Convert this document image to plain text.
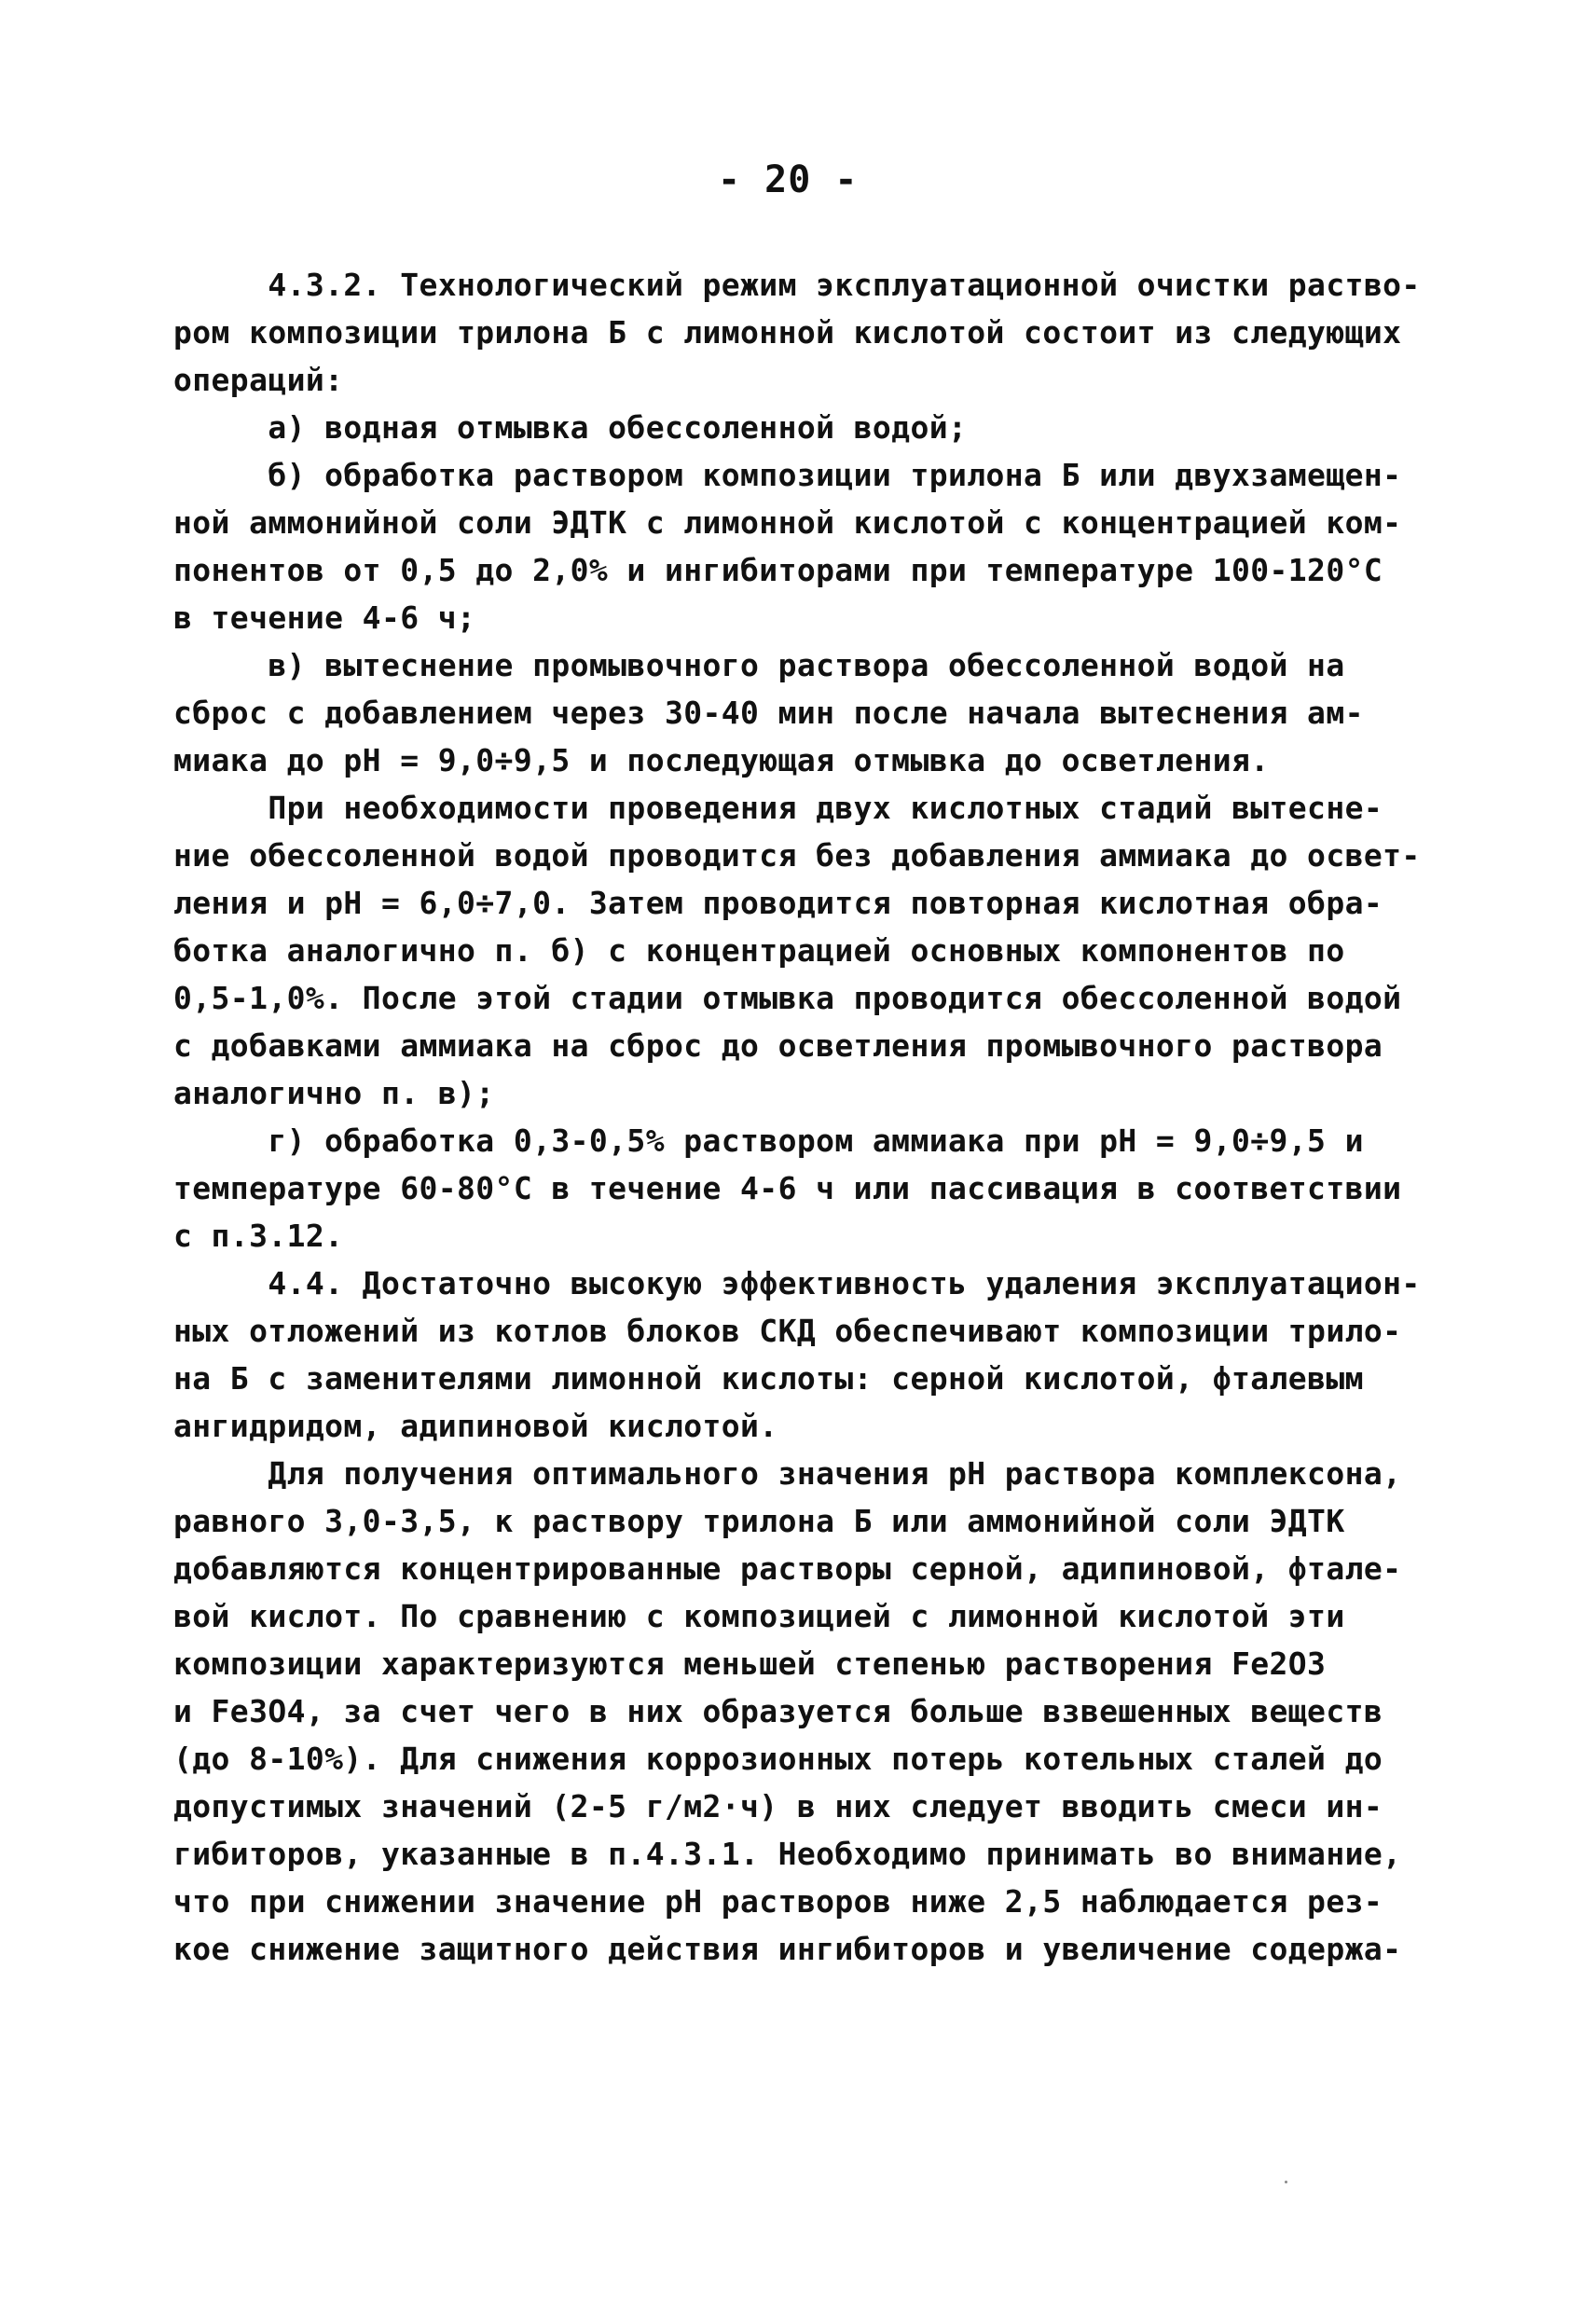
- 20 -
4.3.2. Технологический режим эксплуатационной очистки раство-
ром композиции трилона Б с лимонной кислотой состоит из следующих
операций:
а) водная отмывка обессоленной водой;
б) обработка раствором композиции трилона Б или двухзамещен-
ной аммонийной соли ЭДТК с лимонной кислотой с концентрацией ком-
понентов от 0,5 до 2,0% и ингибиторами при температуре 100-120°С
в течение 4-6 ч;
в) вытеснение промывочного раствора обессоленной водой на
сброс с добавлением через 30-40 мин после начала вытеснения ам-
миака до pH = 9,0÷9,5 и последующая отмывка до осветления.
При необходимости проведения двух кислотных стадий вытесне-
ние обессоленной водой проводится без добавления аммиака до освет-
ления и pH = 6,0÷7,0. Затем проводится повторная кислотная обра-
ботка аналогично п. б) с концентрацией основных компонентов по
0,5-1,0%. После этой стадии отмывка проводится обессоленной водой
с добавками аммиака на сброс до осветления промывочного раствора
аналогично п. в);
г) обработка 0,3-0,5% раствором аммиака при pH = 9,0÷9,5 и
температуре 60-80°С в течение 4-6 ч или пассивация в соответствии
с п.3.12.
4.4. Достаточно высокую эффективность удаления эксплуатацион-
ных отложений из котлов блоков СКД обеспечивают композиции трило-
на Б с заменителями лимонной кислоты: серной кислотой, фталевым
ангидридом, адипиновой кислотой.
Для получения оптимального значения pH раствора комплексона,
равного 3,0-3,5, к раствору трилона Б или аммонийной соли ЭДТК
добавляются концентрированные растворы серной, адипиновой, фтале-
вой кислот. По сравнению с композицией с лимонной кислотой эти
композиции характеризуются меньшей степенью растворения Fe2O3
и Fe3O4, за счет чего в них образуется больше взвешенных веществ
(до 8-10%). Для снижения коррозионных потерь котельных сталей до
допустимых значений (2-5 г/м2·ч) в них следует вводить смеси ин-
гибиторов, указанные в п.4.3.1. Необходимо принимать во внимание,
что при снижении значение pH растворов ниже 2,5 наблюдается рез-
кое снижение защитного действия ингибиторов и увеличение содержа-
